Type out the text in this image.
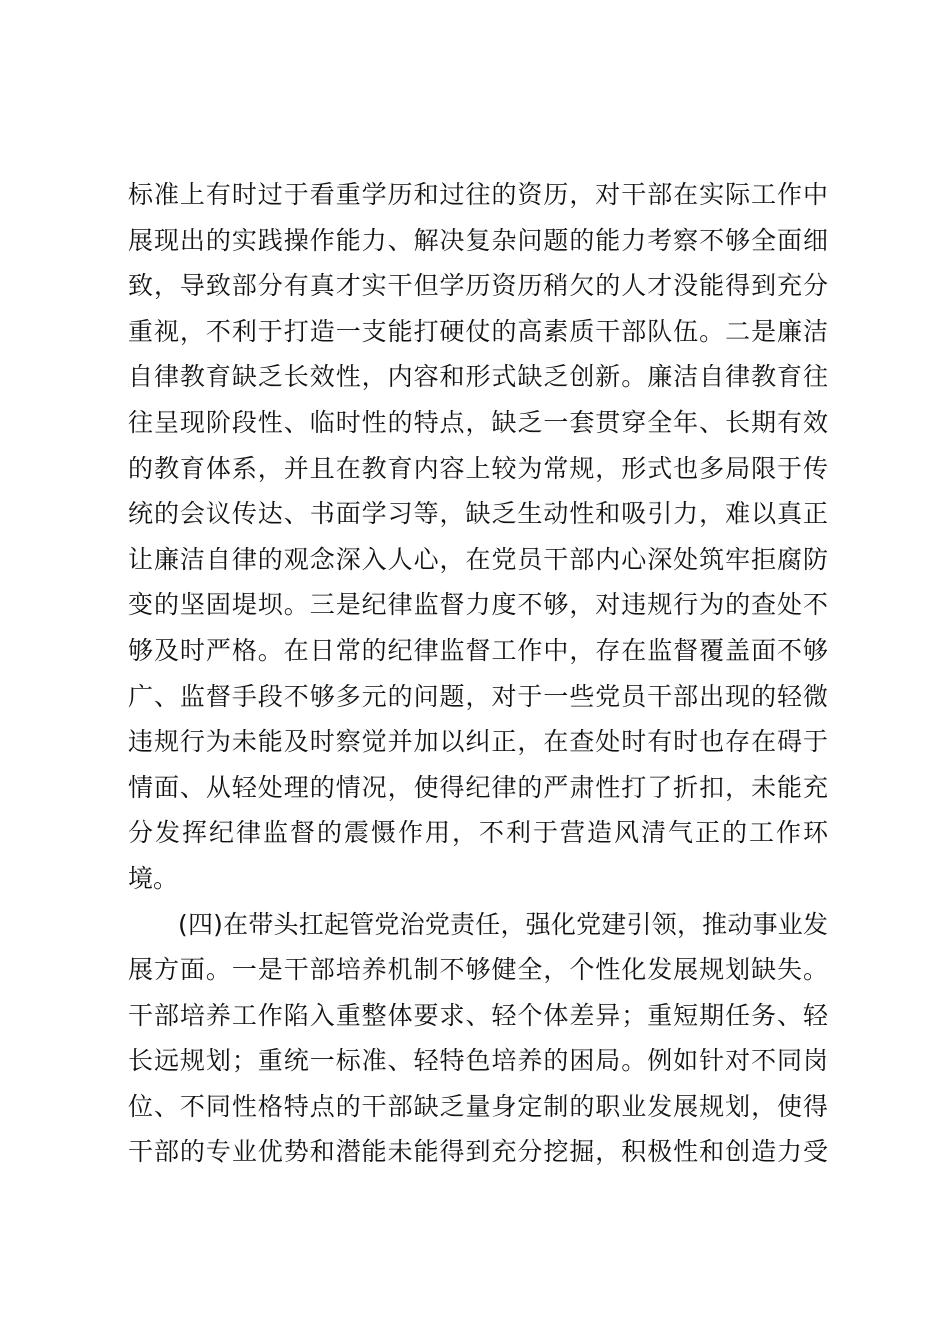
标准上有时过于看重学历和过往的资历，对干部在实际工作中
展现出的实践操作能力、解决复杂问题的能力考察不够全面细
致，导致部分有真才实干但学历资历稍欠的人才没能得到充分
重视，不利于打造一支能打硬仗的高素质干部队伍。二是廉洁
自律教育缺乏长效性，内容和形式缺乏创新。廉洁自律教育往
往呈现阶段性、临时性的特点，缺乏一套贯穿全年、长期有效
的教育体系，并且在教育内容上较为常规，形式也多局限于传
统的会议传达、书面学习等，缺乏生动性和吸引力，难以真正
让廉洁自律的观念深入人心，在党员干部内心深处筑牢拒腐防
变的坚固堤坝。三是纪律监督力度不够，对违规行为的查处不
够及时严格。在日常的纪律监督工作中，存在监督覆盖面不够
广、监督手段不够多元的问题，对于一些党员干部出现的轻微
违规行为未能及时察觉并加以纠正，在查处时有时也存在碍于
情面、从轻处理的情况，使得纪律的严肃性打了折扣，未能充
分发挥纪律监督的震慑作用，不利于营造风清气正的工作环
境。
(四)在带头扛起管党治党责任，强化党建引领，推动事业发
展方面。一是干部培养机制不够健全，个性化发展规划缺失。
干部培养工作陷入重整体要求、轻个体差异；重短期任务、轻
长远规划；重统一标准、轻特色培养的困局。例如针对不同岗
位、不同性格特点的干部缺乏量身定制的职业发展规划，使得
干部的专业优势和潜能未能得到充分挖掘，积极性和创造力受
